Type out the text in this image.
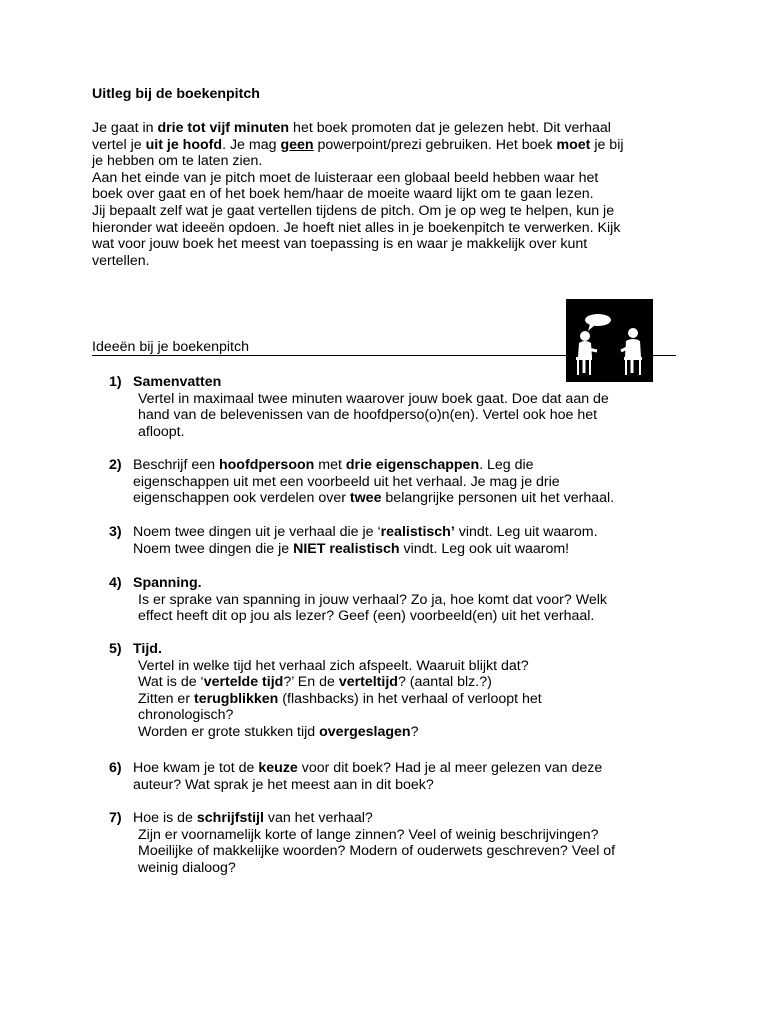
Uitleg bij de boekenpitch
Je gaat in drie tot vijf minuten het boek promoten dat je gelezen hebt. Dit verhaal
vertel je uit je hoofd. Je mag geen powerpoint/prezi gebruiken. Het boek moet je bij
je hebben om te laten zien.
Aan het einde van je pitch moet de luisteraar een globaal beeld hebben waar het
boek over gaat en of het boek hem/haar de moeite waard lijkt om te gaan lezen.
Jij bepaalt zelf wat je gaat vertellen tijdens de pitch. Om je op weg te helpen, kun je
hieronder wat ideeën opdoen. Je hoeft niet alles in je boekenpitch te verwerken. Kijk
wat voor jouw boek het meest van toepassing is en waar je makkelijk over kunt
vertellen.
Ideeën bij je boekenpitch
1) Samenvatten
Vertel in maximaal twee minuten waarover jouw boek gaat. Doe dat aan de
hand van de belevenissen van de hoofdperso(o)n(en). Vertel ook hoe het
afloopt.
2) Beschrijf een hoofdpersoon met drie eigenschappen. Leg die
eigenschappen uit met een voorbeeld uit het verhaal. Je mag je drie
eigenschappen ook verdelen over twee belangrijke personen uit het verhaal.
3) Noem twee dingen uit je verhaal die je ‘realistisch’ vindt. Leg uit waarom.
Noem twee dingen die je NIET realistisch vindt. Leg ook uit waarom!
4) Spanning.
Is er sprake van spanning in jouw verhaal? Zo ja, hoe komt dat voor? Welk
effect heeft dit op jou als lezer? Geef (een) voorbeeld(en) uit het verhaal.
5) Tijd.
Vertel in welke tijd het verhaal zich afspeelt. Waaruit blijkt dat?
Wat is de ‘vertelde tijd?’ En de verteltijd? (aantal blz.?)
Zitten er terugblikken (flashbacks) in het verhaal of verloopt het
chronologisch?
Worden er grote stukken tijd overgeslagen?
6) Hoe kwam je tot de keuze voor dit boek? Had je al meer gelezen van deze
auteur? Wat sprak je het meest aan in dit boek?
7) Hoe is de schrijfstijl van het verhaal?
Zijn er voornamelijk korte of lange zinnen? Veel of weinig beschrijvingen?
Moeilijke of makkelijke woorden? Modern of ouderwets geschreven? Veel of
weinig dialoog?
